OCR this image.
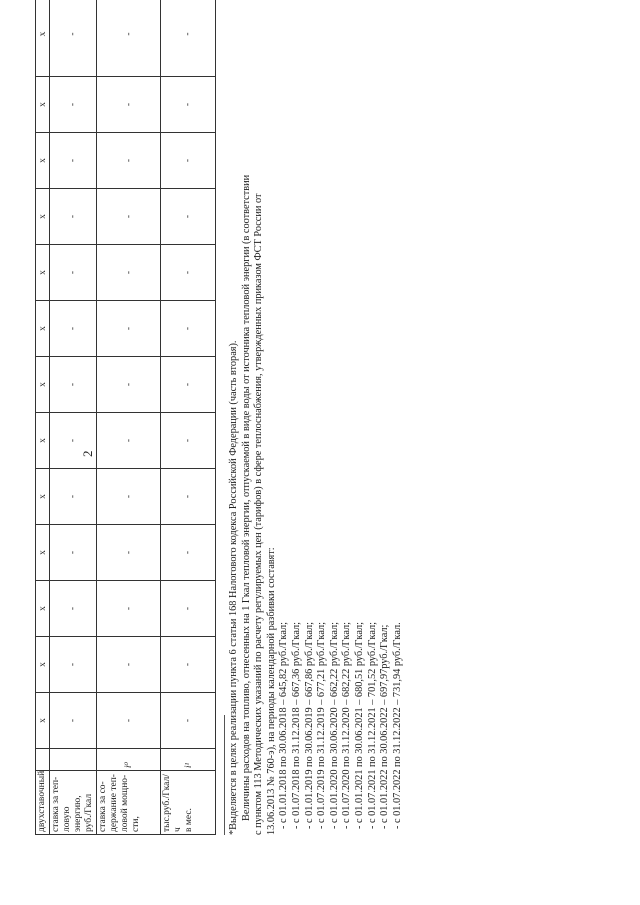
2
двухставочный		x	x	x	x	x	x	x	x	x	x	x	x	x

ставка за теп- ловую энергию, руб./Гкал		-	-	-	-	-	-	-	-	-	-	-	-	-

ставка за со- держание теп- ловой мощно- сти,	i⁰	-	-	-	-	-	-	-	-	-	-	-	-	-

тыс.руб./Гкал/ч в мес.	i¹	-	-	-	-	-	-	-	-	-	-	-	-	-

*Выделяется в целях реализации пункта 6 статьи 168 Налогового кодекса Российской Федерации (часть вторая). Величины расходов на топливо, отнесенных на 1 Гкал тепловой энергии, отпускаемой в виде воды от источника тепловой энергии (в соответствии с пунктом 113 Методических указаний по расчету регулируемых цен (тарифов) в сфере теплоснабжения, утвержденных приказом ФСТ России от 13.06.2013 № 760-э), на периоды календарной разбивки составят: - с 01.01.2018 по 30.06.2018 – 645,82 руб./Гкал; - с 01.07.2018 по 31.12.2018 – 667,36 руб./Гкал; - с 01.01.2019 по 30.06.2019 – 667,86 руб./Гкал; - с 01.07.2019 по 31.12.2019 – 677,21 руб./Гкал; - с 01.01.2020 по 30.06.2020 – 662,22 руб./Гкал; - с 01.07.2020 по 31.12.2020 – 682,22 руб./Гкал; - с 01.01.2021 по 30.06.2021 – 680,51 руб./Гкал; - с 01.07.2021 по 31.12.2021 – 701,52 руб./Гкал; - с 01.01.2022 по 30.06.2022 – 697,97руб./Гкал; - с 01.07.2022 по 31.12.2022 – 731,94 руб./Гкал.
